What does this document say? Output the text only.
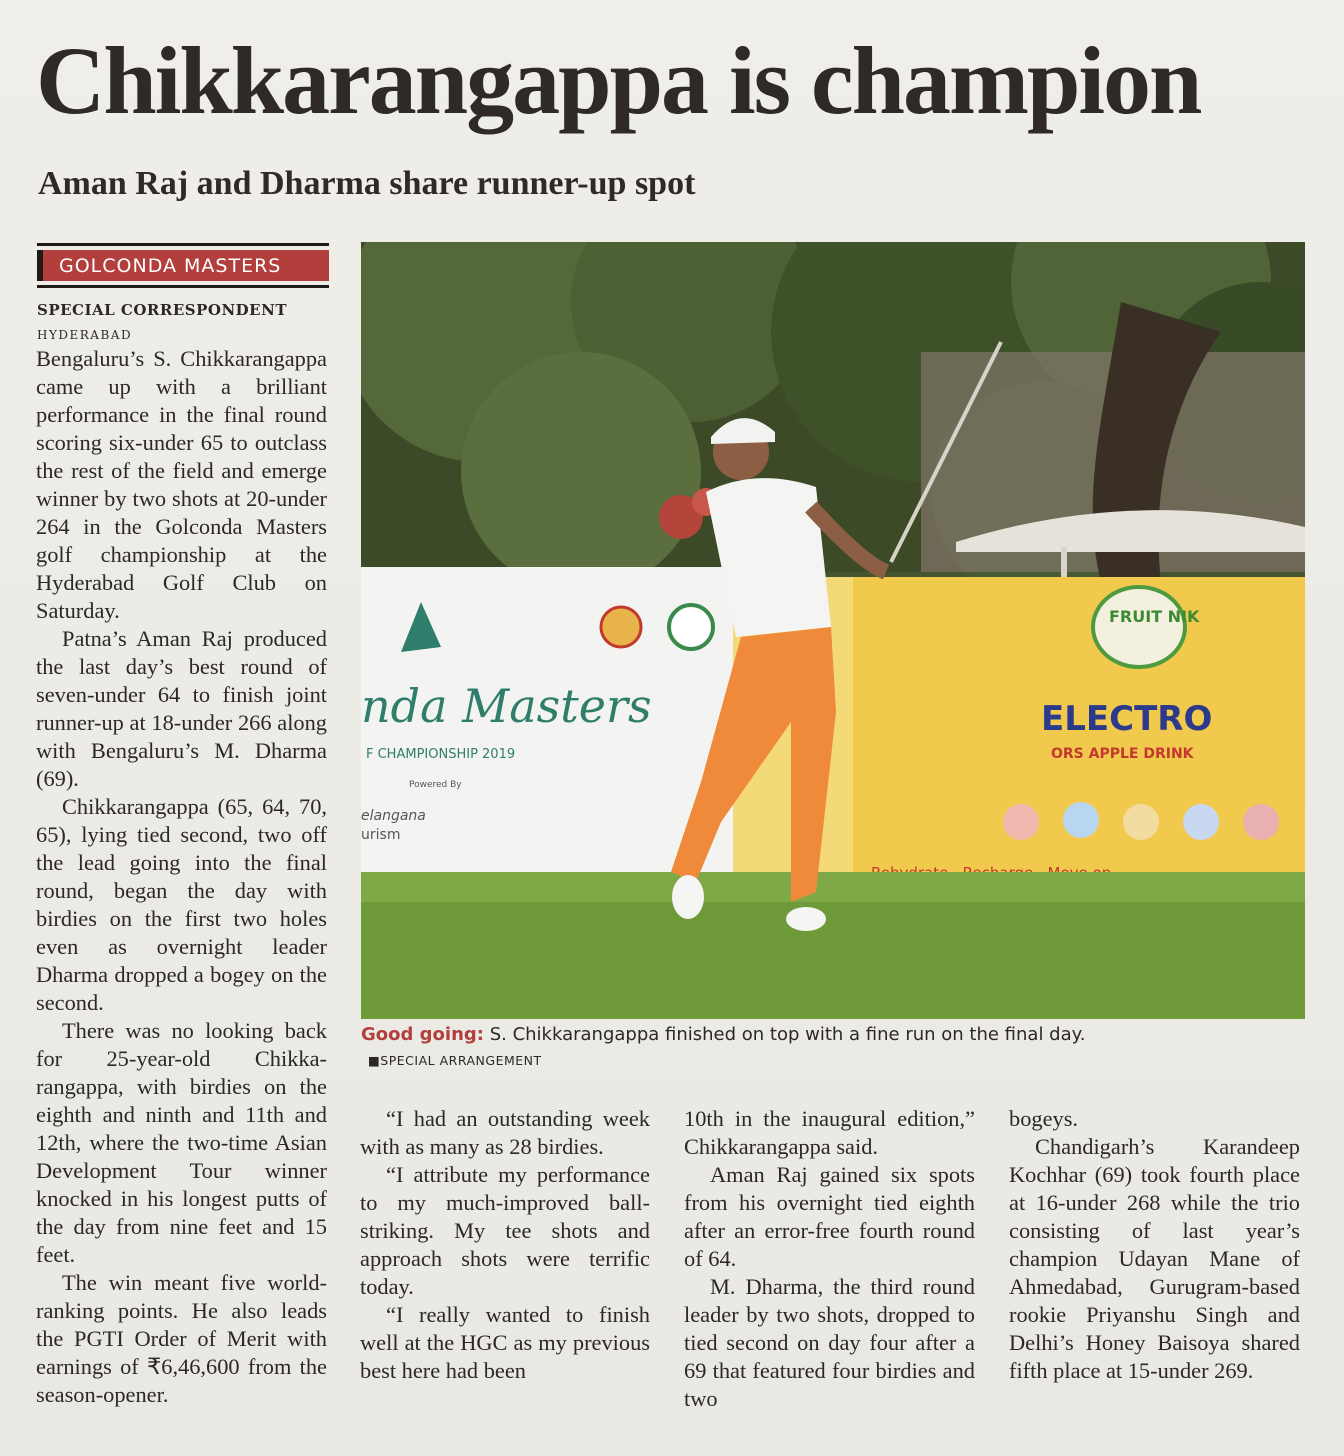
Chikkarangappa is champion
Aman Raj and Dharma share runner-up spot
GOLCONDA MASTERS
SPECIAL CORRESPONDENT
HYDERABAD

Bengaluru’s S. Chikkarangappa came up with a brilliant performance in the final round scoring six-under 65 to outclass the rest of the field and emerge winner by two shots at 20-under 264 in the Golconda Masters golf championship at the Hyderabad Golf Club on Saturday.

Patna’s Aman Raj produced the last day’s best round of seven-under 64 to finish joint runner-up at 18-under 266 along with Bengaluru’s M. Dharma (69).

Chikkarangappa (65, 64, 70, 65), lying tied second, two off the lead going into the final round, began the day with birdies on the first two holes even as overnight leader Dharma dropped a bogey on the second.

There was no looking back for 25-year-old Chikkarangappa, with birdies on the eighth and ninth and 11th and 12th, where the two-time Asian Development Tour winner knocked in his longest putts of the day from nine feet and 15 feet.

The win meant five world-ranking points. He also leads the PGTI Order of Merit with earnings of ₹6,46,600 from the season-opener.

nda Masters
F CHAMPIONSHIP 2019
Powered By
elangana
urism
FRUIT NIK
ELECTRO
ORS APPLE DRINK
Good going: S. Chikkarangappa finished on top with a fine run on the final day.
■SPECIAL ARRANGEMENT

“I had an outstanding week with as many as 28 birdies.

“I attribute my performance to my much-improved ball-striking. My tee shots and approach shots were terrific today.

“I really wanted to finish well at the HGC as my previous best here had been

10th in the inaugural edition,” Chikkarangappa said.

Aman Raj gained six spots from his overnight tied eighth after an error-free fourth round of 64.

M. Dharma, the third round leader by two shots, dropped to tied second on day four after a 69 that featured four birdies and two

bogeys.

Chandigarh’s Karandeep Kochhar (69) took fourth place at 16-under 268 while the trio consisting of last year’s champion Udayan Mane of Ahmedabad, Gurugram-based rookie Priyanshu Singh and Delhi’s Honey Baisoya shared fifth place at 15-under 269.
